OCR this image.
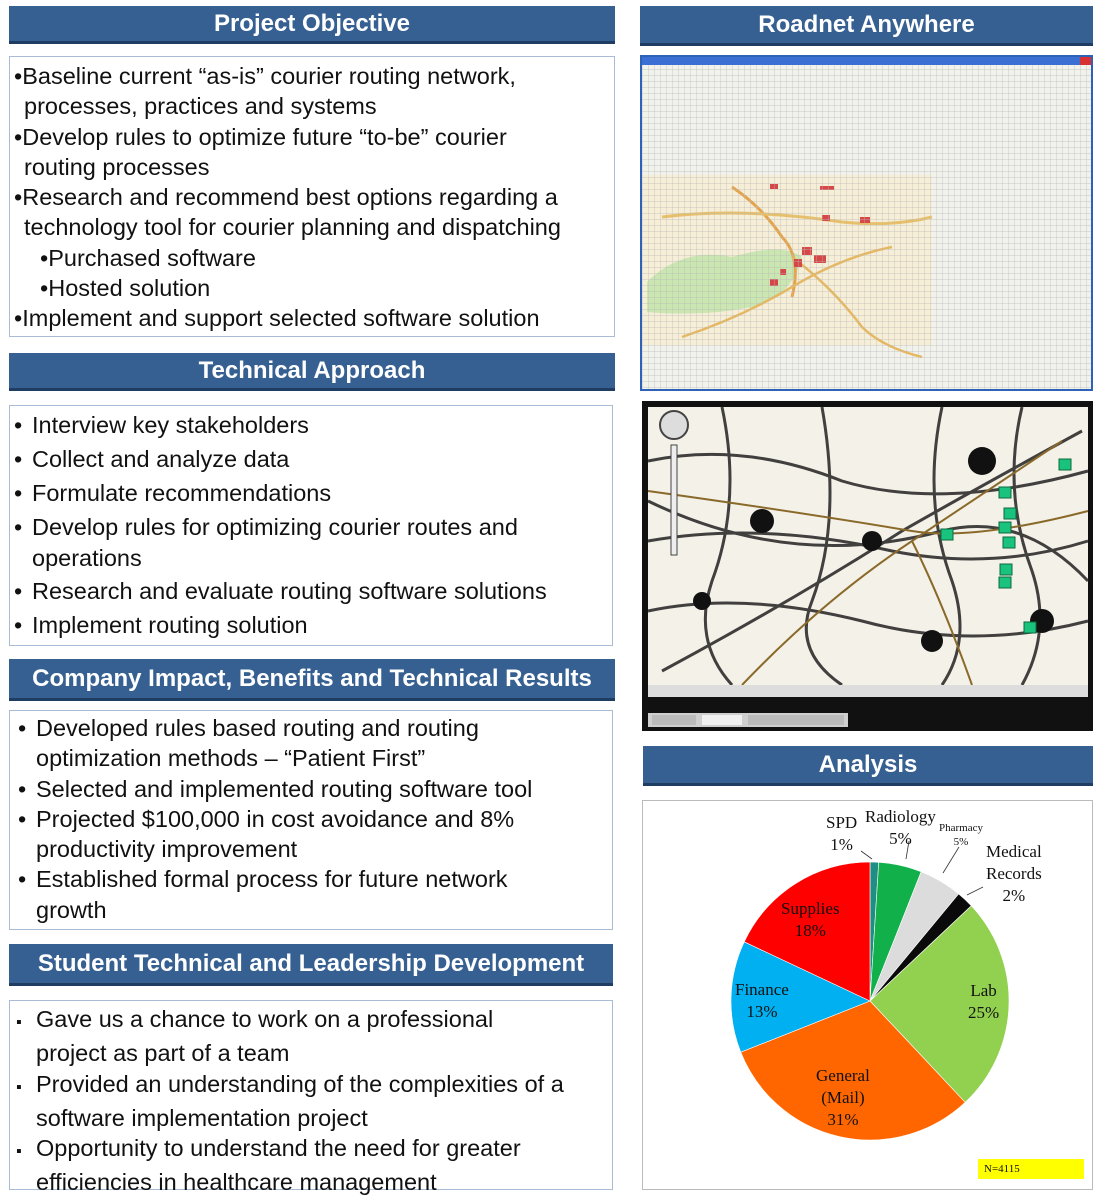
Project Objective
•Baseline current “as-is” courier routing network,
processes, practices and systems
•Develop rules to optimize future “to-be” courier
routing processes
•Research and recommend best options regarding a
technology tool for courier planning and dispatching
•Purchased software
•Hosted solution
•Implement and support selected software solution
Technical Approach
• Interview key stakeholders
• Collect and analyze data
• Formulate recommendations
• Develop rules for optimizing courier routes and
operations
• Research and evaluate routing software solutions
• Implement routing solution
Company Impact, Benefits and Technical Results
• Developed rules based routing and routing
optimization methods – “Patient First”
• Selected and implemented routing software tool
• Projected $100,000 in cost avoidance and 8%
productivity improvement
• Established formal process for future network
growth
Student Technical and Leadership Development
▪ Gave us a chance to work on a professional
project as part of a team
▪ Provided an understanding of the complexities of a
software implementation project
▪ Opportunity to understand the need for greater
efficiencies in healthcare management
Roadnet Anywhere
Analysis
SPD
1%
Radiology
5%
Pharmacy
5%	Medical
Records
2%
Supplies
18%
Lab
25%
Finance
13%
General
(Mail)
31%
N=4115
